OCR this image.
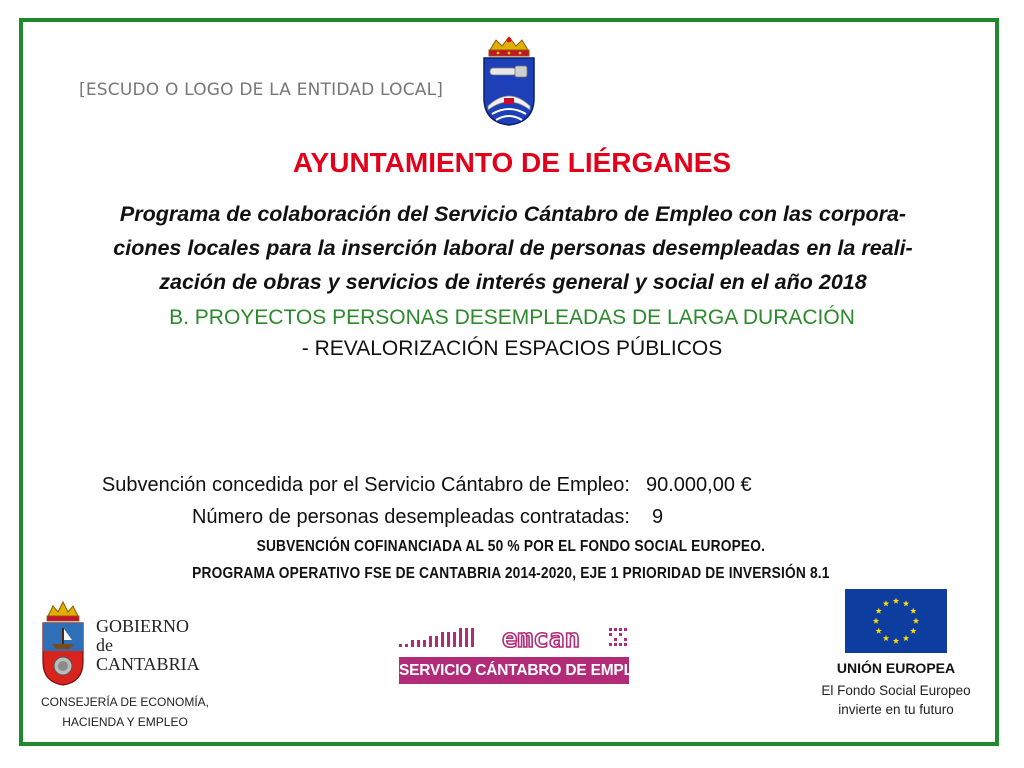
[ESCUDO O LOGO DE LA ENTIDAD LOCAL]
AYUNTAMIENTO DE LIÉRGANES
Programa de colaboración del Servicio Cántabro de Empleo con las corpora-
ciones locales para la inserción laboral de personas desempleadas en la reali-
zación de obras y servicios de interés general y social en el año 2018
B. PROYECTOS PERSONAS DESEMPLEADAS DE LARGA DURACIÓN
- REVALORIZACIÓN ESPACIOS PÚBLICOS
Subvención concedida por el Servicio Cántabro de Empleo: 90.000,00 €
Número de personas desempleadas contratadas: 9
SUBVENCIÓN COFINANCIADA AL 50 % POR EL FONDO SOCIAL EUROPEO.
PROGRAMA OPERATIVO FSE DE CANTABRIA 2014-2020, EJE 1 PRIORIDAD DE INVERSIÓN 8.1
GOBIERNO
de
CANTABRIA
CONSEJERÍA DE ECONOMÍA,
HACIENDA Y EMPLEO
emcan
SERVICIO CÁNTABRO DE EMPLEO	UNIÓN EUROPEA
El Fondo Social Europeo
invierte en tu futuro
